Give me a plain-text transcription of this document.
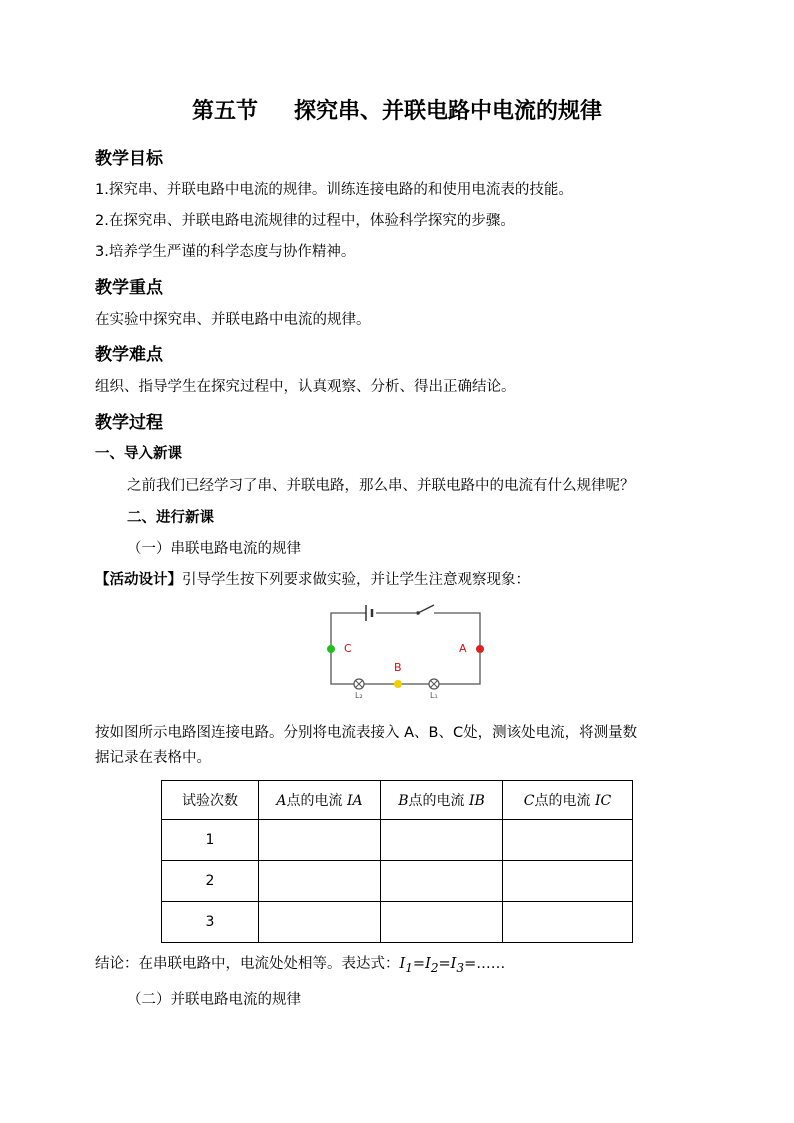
第五节 探究串、并联电路中电流的规律
教学目标
1.探究串、并联电路中电流的规律。训练连接电路的和使用电流表的技能。
2.在探究串、并联电路电流规律的过程中，体验科学探究的步骤。
3.培养学生严谨的科学态度与协作精神。
教学重点
在实验中探究串、并联电路中电流的规律。
教学难点
组织、指导学生在探究过程中，认真观察、分析、得出正确结论。
教学过程
一、导入新课
之前我们已经学习了串、并联电路，那么串、并联电路中的电流有什么规律呢？
二、进行新课
（一）串联电路电流的规律
【活动设计】引导学生按下列要求做实验，并让学生注意观察现象：
L₂	L₁
C	A
B
按如图所示电路图连接电路。分别将电流表接入 A、B、C处，测该处电流，将测量数
据记录在表格中。
试验次数	A点的电流 IA	B点的电流 IB	C点的电流 IC
1			
2			
3			
结论：在串联电路中，电流处处相等。表达式：$I_1=I_2=I_3=\dots\dots$
（二）并联电路电流的规律
